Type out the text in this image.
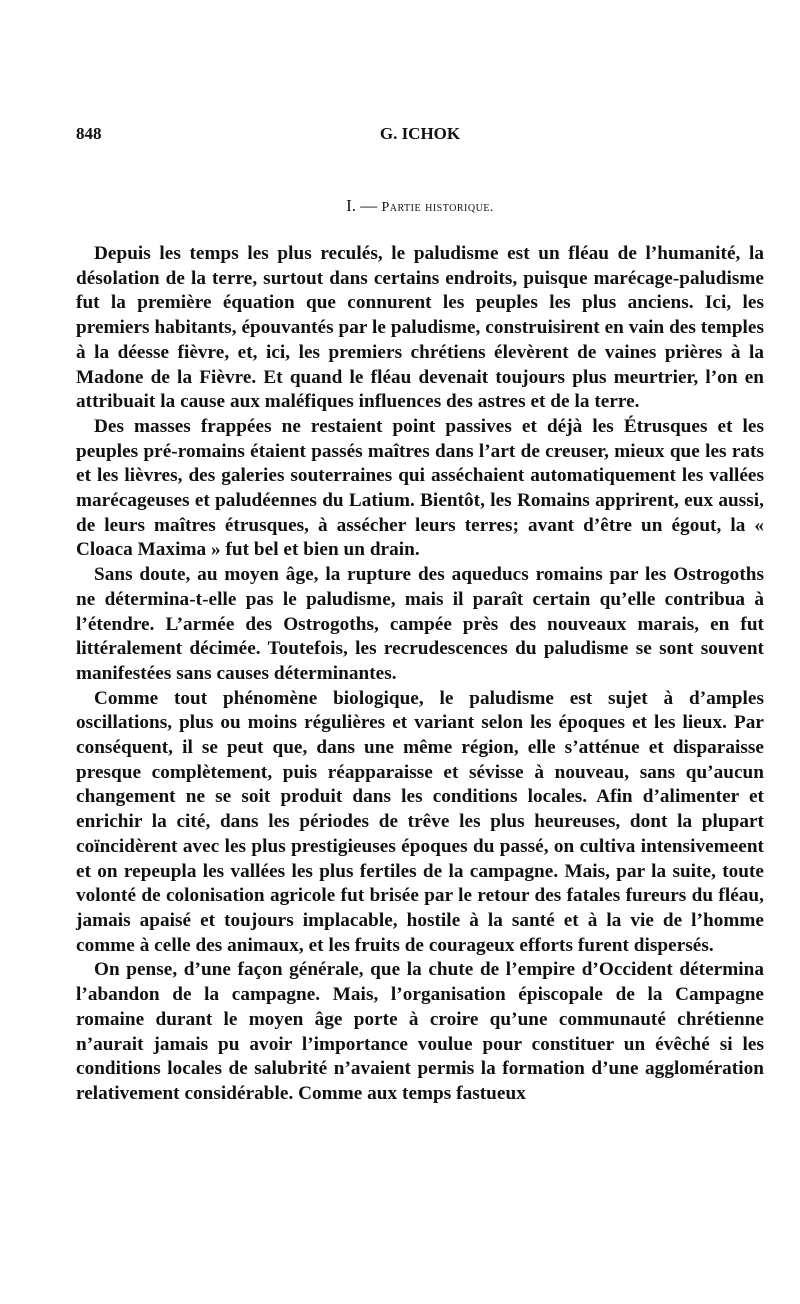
848	G. ICHOK
I. — Partie historique.

Depuis les temps les plus reculés, le paludisme est un fléau de l’humanité, la désolation de la terre, surtout dans certains endroits, puisque marécage-paludisme fut la première équation que connurent les peuples les plus anciens. Ici, les premiers habitants, épouvantés par le paludisme, construisirent en vain des temples à la déesse fièvre, et, ici, les premiers chrétiens élevèrent de vaines prières à la Madone de la Fièvre. Et quand le fléau devenait toujours plus meurtrier, l’on en attribuait la cause aux maléfiques influences des astres et de la terre.

Des masses frappées ne restaient point passives et déjà les Étrusques et les peuples pré-romains étaient passés maîtres dans l’art de creuser, mieux que les rats et les lièvres, des galeries souterraines qui asséchaient automatiquement les vallées marécageuses et paludéennes du Latium. Bientôt, les Romains apprirent, eux aussi, de leurs maîtres étrusques, à assécher leurs terres; avant d’être un égout, la « Cloaca Maxima » fut bel et bien un drain.

Sans doute, au moyen âge, la rupture des aqueducs romains par les Ostrogoths ne détermina-t-elle pas le paludisme, mais il paraît certain qu’elle contribua à l’étendre. L’armée des Ostrogoths, campée près des nouveaux marais, en fut littéralement décimée. Toutefois, les recrudescences du paludisme se sont souvent manifestées sans causes déterminantes.

Comme tout phénomène biologique, le paludisme est sujet à d’amples oscillations, plus ou moins régulières et variant selon les époques et les lieux. Par conséquent, il se peut que, dans une même région, elle s’atténue et disparaisse presque complètement, puis réapparaisse et sévisse à nouveau, sans qu’aucun changement ne se soit produit dans les conditions locales. Afin d’alimenter et enrichir la cité, dans les périodes de trêve les plus heureuses, dont la plupart coïncidèrent avec les plus prestigieuses époques du passé, on cultiva intensivemeent et on repeupla les vallées les plus fertiles de la campagne. Mais, par la suite, toute volonté de colonisation agricole fut brisée par le retour des fatales fureurs du fléau, jamais apaisé et toujours implacable, hostile à la santé et à la vie de l’homme comme à celle des animaux, et les fruits de courageux efforts furent dispersés.

On pense, d’une façon générale, que la chute de l’empire d’Occident détermina l’abandon de la campagne. Mais, l’organisation épiscopale de la Campagne romaine durant le moyen âge porte à croire qu’une communauté chrétienne n’aurait jamais pu avoir l’importance voulue pour constituer un évêché si les conditions locales de salubrité n’avaient permis la formation d’une agglomération relativement considérable. Comme aux temps fastueux
